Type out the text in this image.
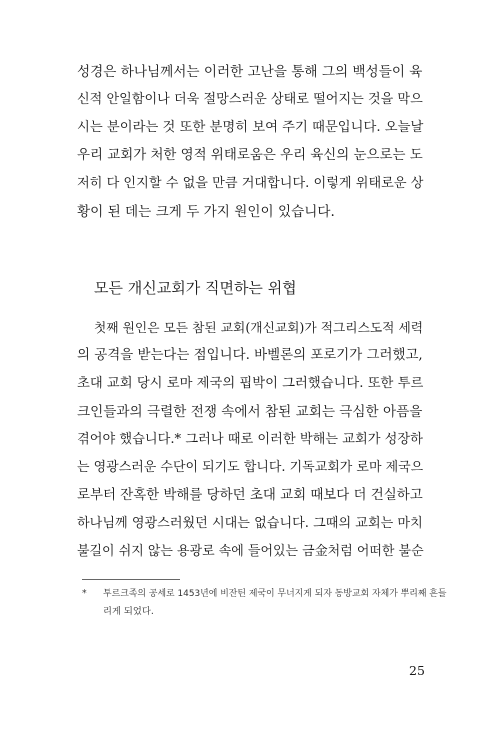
성경은 하나님께서는 이러한 고난을 통해 그의 백성들이 육
신적 안일함이나 더욱 절망스러운 상태로 떨어지는 것을 막으
시는 분이라는 것 또한 분명히 보여 주기 때문입니다. 오늘날
우리 교회가 처한 영적 위태로움은 우리 육신의 눈으로는 도
저히 다 인지할 수 없을 만큼 거대합니다. 이렇게 위태로운 상
황이 된 데는 크게 두 가지 원인이 있습니다.
모든 개신교회가 직면하는 위협
첫째 원인은 모든 참된 교회(개신교회)가 적그리스도적 세력
의 공격을 받는다는 점입니다. 바벨론의 포로기가 그러했고,
초대 교회 당시 로마 제국의 핍박이 그러했습니다. 또한 투르
크인들과의 극렬한 전쟁 속에서 참된 교회는 극심한 아픔을
겪어야 했습니다.* 그러나 때로 이러한 박해는 교회가 성장하
는 영광스러운 수단이 되기도 합니다. 기독교회가 로마 제국으
로부터 잔혹한 박해를 당하던 초대 교회 때보다 더 건실하고
하나님께 영광스러웠던 시대는 없습니다. 그때의 교회는 마치
불길이 쉬지 않는 용광로 속에 들어있는 금金처럼 어떠한 불순
* 투르크족의 공세로 1453년에 비잔틴 제국이 무너지게 되자 동방교회 자체가 뿌리째 흔들
리게 되었다.
25
